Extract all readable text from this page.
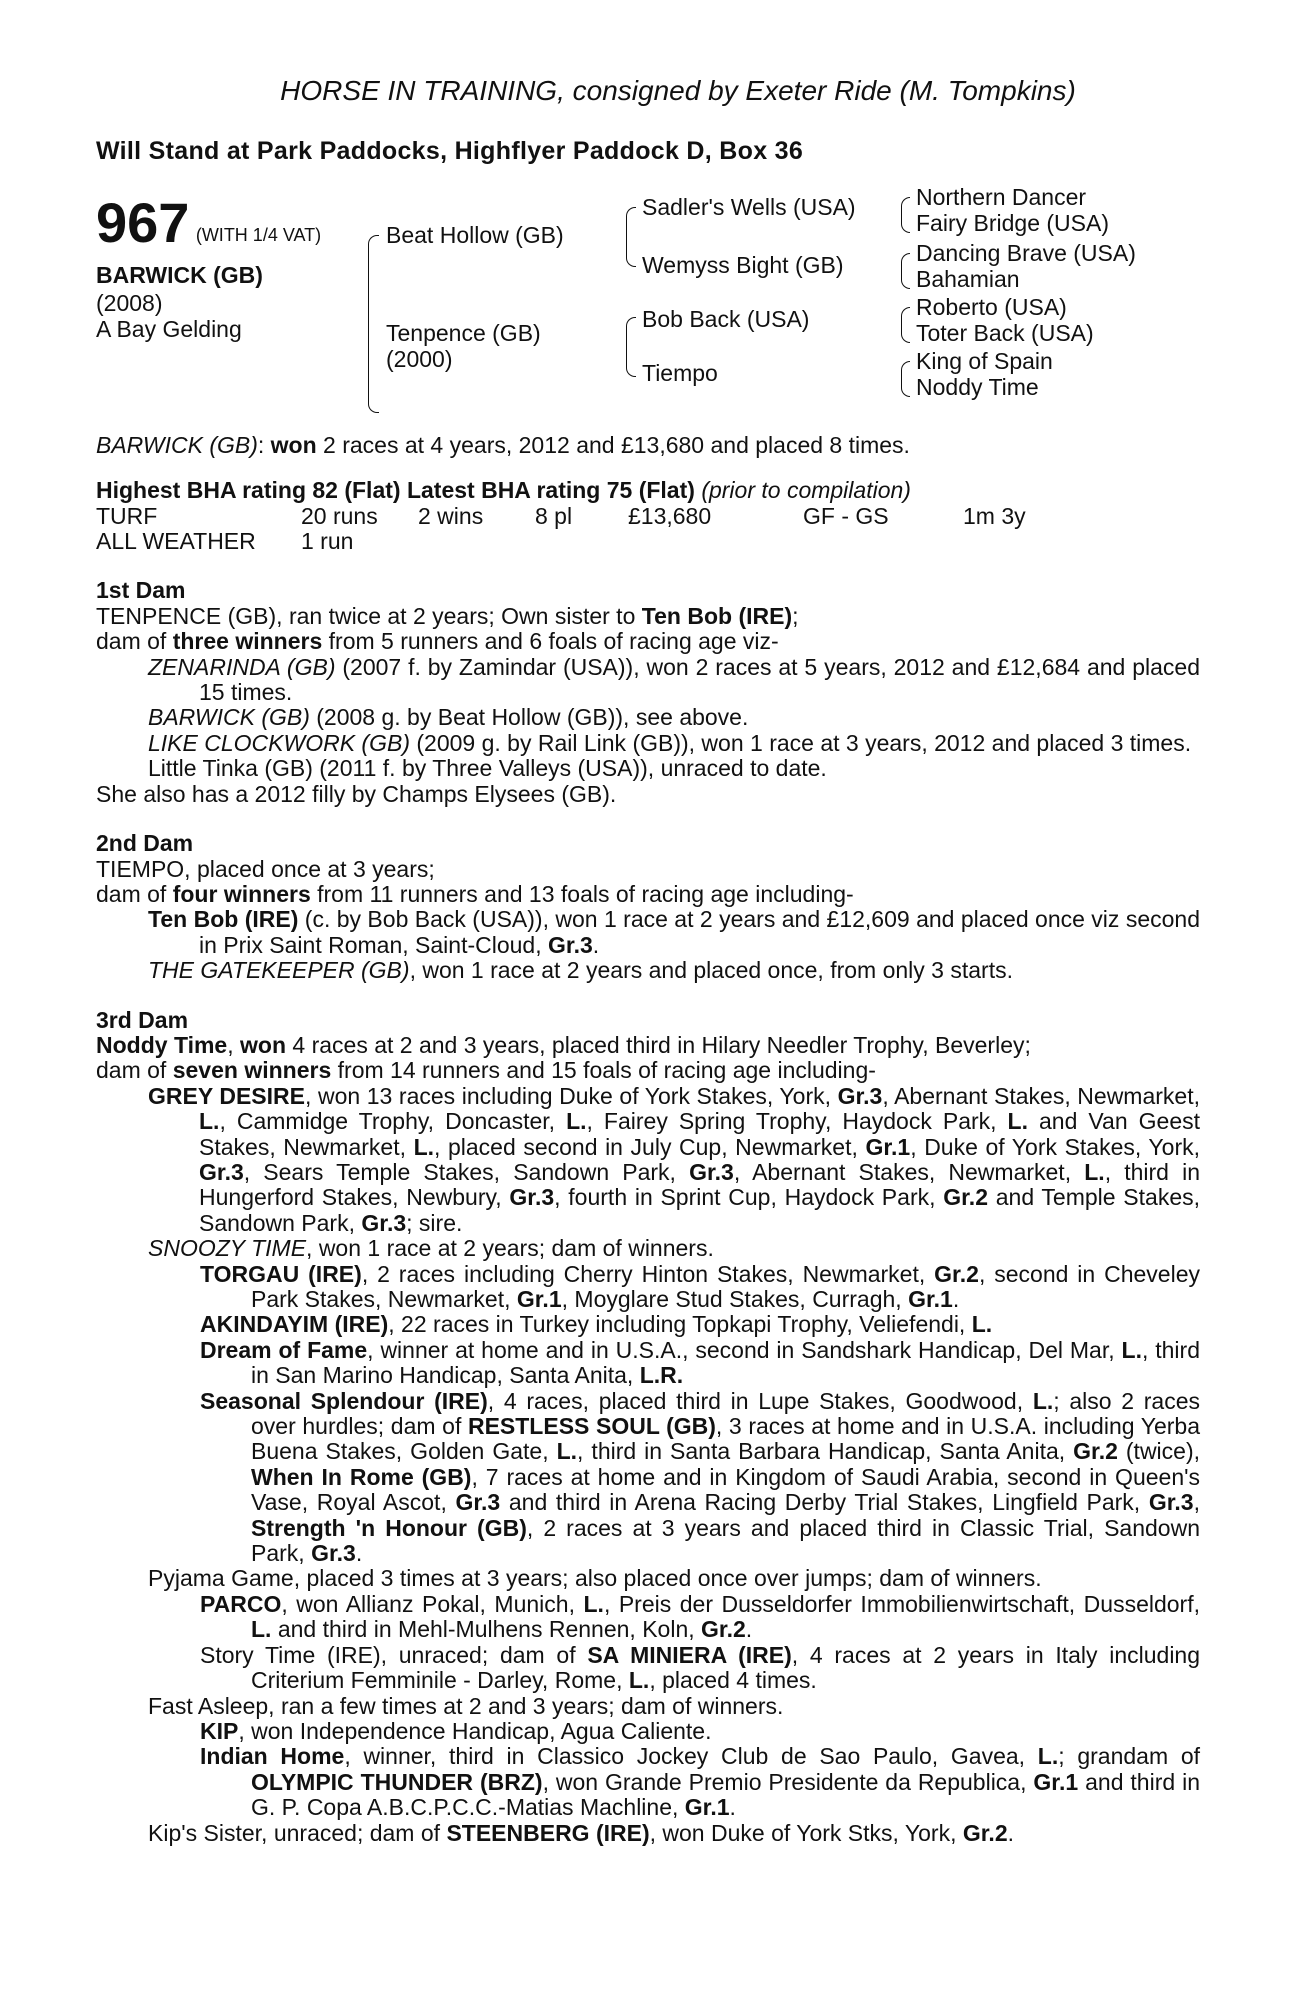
HORSE IN TRAINING, consigned by Exeter Ride (M. Tompkins)
Will Stand at Park Paddocks, Highflyer Paddock D, Box 36
967 (WITH 1/4 VAT)
BARWICK (GB)
(2008)
A Bay Gelding
Beat Hollow (GB)
Tenpence (GB)
(2000)
Sadler's Wells (USA)
Wemyss Bight (GB)
Bob Back (USA)
Tiempo
Northern Dancer
Fairy Bridge (USA)
Dancing Brave (USA)
Bahamian
Roberto (USA)
Toter Back (USA)
King of Spain
Noddy Time

BARWICK (GB): won 2 races at 4 years, 2012 and £13,680 and placed 8 times.

Highest BHA rating 82 (Flat) Latest BHA rating 75 (Flat) (prior to compilation)

TURF	20 runs	2 wins	8 pl	£13,680	GF - GS	1m 3y
ALL WEATHER	1 run
1st Dam

TENPENCE (GB), ran twice at 2 years; Own sister to Ten Bob (IRE);

dam of three winners from 5 runners and 6 foals of racing age viz-

ZENARINDA (GB) (2007 f. by Zamindar (USA)), won 2 races at 5 years, 2012 and £12,684 and placed 15 times.

BARWICK (GB) (2008 g. by Beat Hollow (GB)), see above.

LIKE CLOCKWORK (GB) (2009 g. by Rail Link (GB)), won 1 race at 3 years, 2012 and placed 3 times.

Little Tinka (GB) (2011 f. by Three Valleys (USA)), unraced to date.

She also has a 2012 filly by Champs Elysees (GB).

2nd Dam

TIEMPO, placed once at 3 years;

dam of four winners from 11 runners and 13 foals of racing age including-

Ten Bob (IRE) (c. by Bob Back (USA)), won 1 race at 2 years and £12,609 and placed once viz second in Prix Saint Roman, Saint-Cloud, Gr.3.

THE GATEKEEPER (GB), won 1 race at 2 years and placed once, from only 3 starts.

3rd Dam

Noddy Time, won 4 races at 2 and 3 years, placed third in Hilary Needler Trophy, Beverley;

dam of seven winners from 14 runners and 15 foals of racing age including-

GREY DESIRE, won 13 races including Duke of York Stakes, York, Gr.3, Abernant Stakes, Newmarket, L., Cammidge Trophy, Doncaster, L., Fairey Spring Trophy, Haydock Park, L. and Van Geest Stakes, Newmarket, L., placed second in July Cup, Newmarket, Gr.1, Duke of York Stakes, York, Gr.3, Sears Temple Stakes, Sandown Park, Gr.3, Abernant Stakes, Newmarket, L., third in Hungerford Stakes, Newbury, Gr.3, fourth in Sprint Cup, Haydock Park, Gr.2 and Temple Stakes, Sandown Park, Gr.3; sire.

SNOOZY TIME, won 1 race at 2 years; dam of winners.

TORGAU (IRE), 2 races including Cherry Hinton Stakes, Newmarket, Gr.2, second in Cheveley Park Stakes, Newmarket, Gr.1, Moyglare Stud Stakes, Curragh, Gr.1.

AKINDAYIM (IRE), 22 races in Turkey including Topkapi Trophy, Veliefendi, L.

Dream of Fame, winner at home and in U.S.A., second in Sandshark Handicap, Del Mar, L., third in San Marino Handicap, Santa Anita, L.R.

Seasonal Splendour (IRE), 4 races, placed third in Lupe Stakes, Goodwood, L.; also 2 races over hurdles; dam of RESTLESS SOUL (GB), 3 races at home and in U.S.A. including Yerba Buena Stakes, Golden Gate, L., third in Santa Barbara Handicap, Santa Anita, Gr.2 (twice), When In Rome (GB), 7 races at home and in Kingdom of Saudi Arabia, second in Queen's Vase, Royal Ascot, Gr.3 and third in Arena Racing Derby Trial Stakes, Lingfield Park, Gr.3, Strength 'n Honour (GB), 2 races at 3 years and placed third in Classic Trial, Sandown Park, Gr.3.

Pyjama Game, placed 3 times at 3 years; also placed once over jumps; dam of winners.

PARCO, won Allianz Pokal, Munich, L., Preis der Dusseldorfer Immobilienwirtschaft, Dusseldorf, L. and third in Mehl-Mulhens Rennen, Koln, Gr.2.

Story Time (IRE), unraced; dam of SA MINIERA (IRE), 4 races at 2 years in Italy including Criterium Femminile - Darley, Rome, L., placed 4 times.

Fast Asleep, ran a few times at 2 and 3 years; dam of winners.

KIP, won Independence Handicap, Agua Caliente.

Indian Home, winner, third in Classico Jockey Club de Sao Paulo, Gavea, L.; grandam of OLYMPIC THUNDER (BRZ), won Grande Premio Presidente da Republica, Gr.1 and third in G. P. Copa A.B.C.P.C.C.-Matias Machline, Gr.1.

Kip's Sister, unraced; dam of STEENBERG (IRE), won Duke of York Stks, York, Gr.2.
